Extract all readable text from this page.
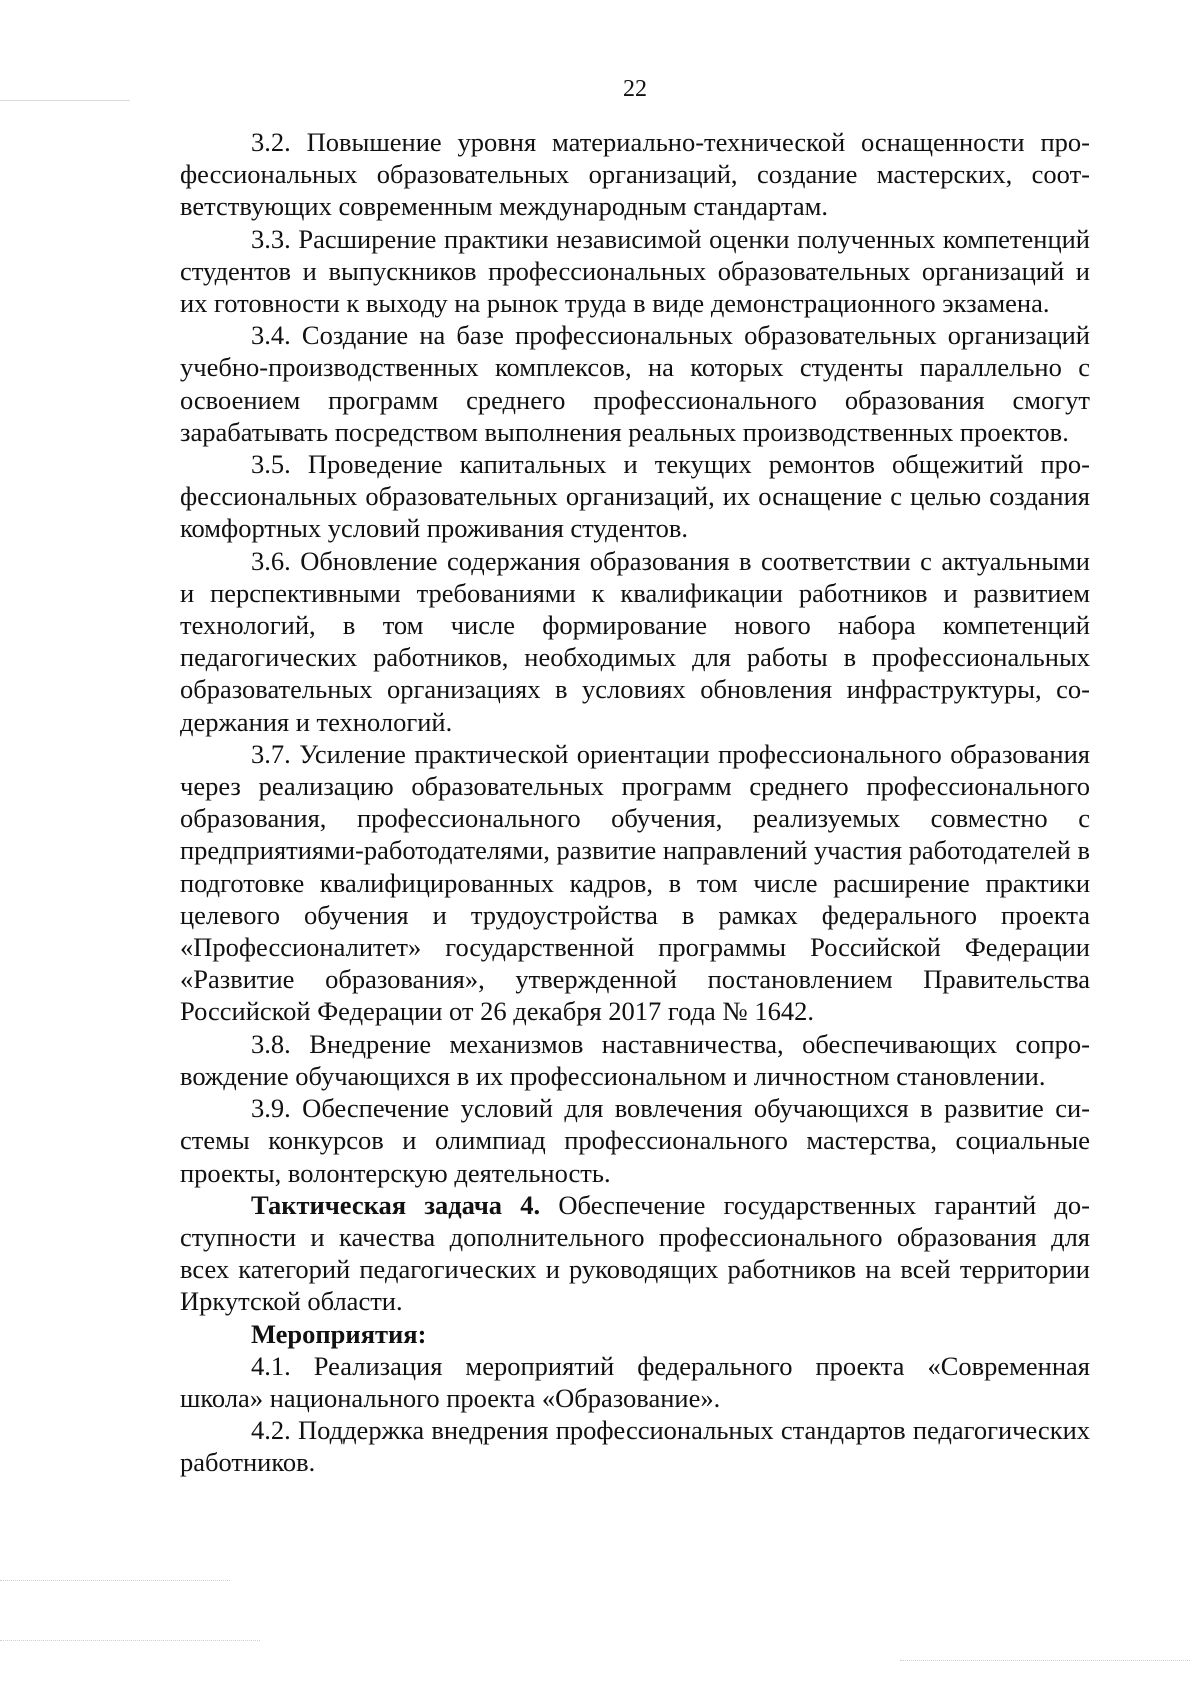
22

3.2. Повышение уровня материально-технической оснащенности профессиональных образовательных организаций, создание мастерских, соответствующих современным международным стандартам.

3.3. Расширение практики независимой оценки полученных компетенций студентов и выпускников профессиональных образовательных организаций и их готовности к выходу на рынок труда в виде демонстрационного экзамена.

3.4. Создание на базе профессиональных образовательных организаций учебно-производственных комплексов, на которых студенты параллельно с освоением программ среднего профессионального образования смогут зарабатывать посредством выполнения реальных производственных проектов.

3.5. Проведение капитальных и текущих ремонтов общежитий профессиональных образовательных организаций, их оснащение с целью создания комфортных условий проживания студентов.

3.6. Обновление содержания образования в соответствии с актуальными и перспективными требованиями к квалификации работников и развитием технологий, в том числе формирование нового набора компетенций педагогических работников, необходимых для работы в профессиональных образовательных организациях в условиях обновления инфраструктуры, содержания и технологий.

3.7. Усиление практической ориентации профессионального образования через реализацию образовательных программ среднего профессионального образования, профессионального обучения, реализуемых совместно с предприятиями-работодателями, развитие направлений участия работодателей в подготовке квалифицированных кадров, в том числе расширение практики целевого обучения и трудоустройства в рамках федерального проекта «Профессионалитет» государственной программы Российской Федерации «Развитие образования», утвержденной постановлением Правительства Российской Федерации от 26 декабря 2017 года № 1642.

3.8. Внедрение механизмов наставничества, обеспечивающих сопровождение обучающихся в их профессиональном и личностном становлении.

3.9. Обеспечение условий для вовлечения обучающихся в развитие системы конкурсов и олимпиад профессионального мастерства, социальные проекты, волонтерскую деятельность.

Тактическая задача 4. Обеспечение государственных гарантий доступности и качества дополнительного профессионального образования для всех категорий педагогических и руководящих работников на всей территории Иркутской области.

Мероприятия:

4.1. Реализация мероприятий федерального проекта «Современная школа» национального проекта «Образование».

4.2. Поддержка внедрения профессиональных стандартов педагогических работников.
